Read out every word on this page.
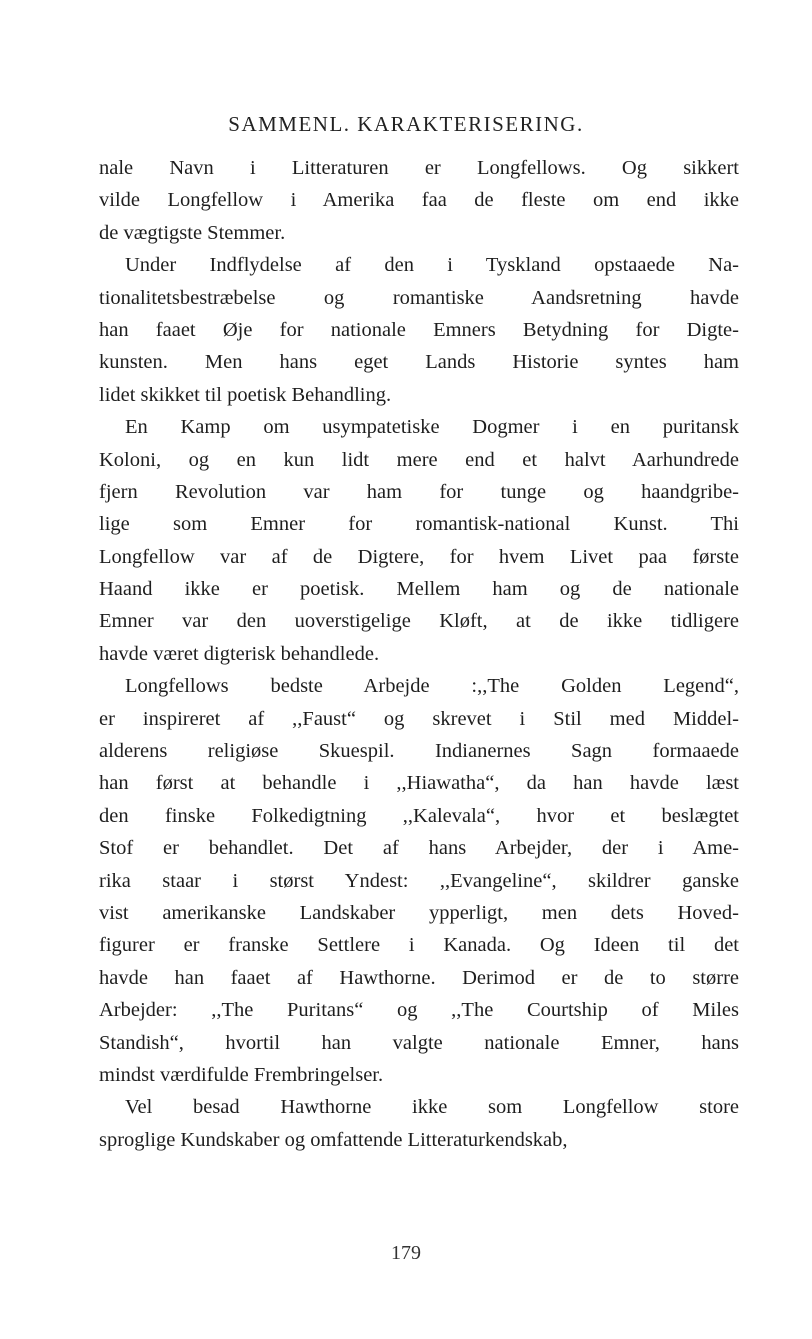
SAMMENL. KARAKTERISERING.
nale Navn i Litteraturen er Longfellows. Og sikkert
vilde Longfellow i Amerika faa de fleste om end ikke
de vægtigste Stemmer.
Under Indflydelse af den i Tyskland opstaaede Na-
tionalitetsbestræbelse og romantiske Aandsretning havde
han faaet Øje for nationale Emners Betydning for Digte-
kunsten. Men hans eget Lands Historie syntes ham
lidet skikket til poetisk Behandling.
En Kamp om usympatetiske Dogmer i en puritansk
Koloni, og en kun lidt mere end et halvt Aarhundrede
fjern Revolution var ham for tunge og haandgribe-
lige som Emner for romantisk-national Kunst. Thi
Longfellow var af de Digtere, for hvem Livet paa første
Haand ikke er poetisk. Mellem ham og de nationale
Emner var den uoverstigelige Kløft, at de ikke tidligere
havde været digterisk behandlede.
Longfellows bedste Arbejde :,,The Golden Legend“,
er inspireret af ,,Faust“ og skrevet i Stil med Middel-
alderens religiøse Skuespil. Indianernes Sagn formaaede
han først at behandle i ,,Hiawatha“, da han havde læst
den finske Folkedigtning ,,Kalevala“, hvor et beslægtet
Stof er behandlet. Det af hans Arbejder, der i Ame-
rika staar i størst Yndest: ,,Evangeline“, skildrer ganske
vist amerikanske Landskaber ypperligt, men dets Hoved-
figurer er franske Settlere i Kanada. Og Ideen til det
havde han faaet af Hawthorne. Derimod er de to større
Arbejder: ,,The Puritans“ og ,,The Courtship of Miles
Standish“, hvortil han valgte nationale Emner, hans
mindst værdifulde Frembringelser.
Vel besad Hawthorne ikke som Longfellow store
sproglige Kundskaber og omfattende Litteraturkendskab,
179
